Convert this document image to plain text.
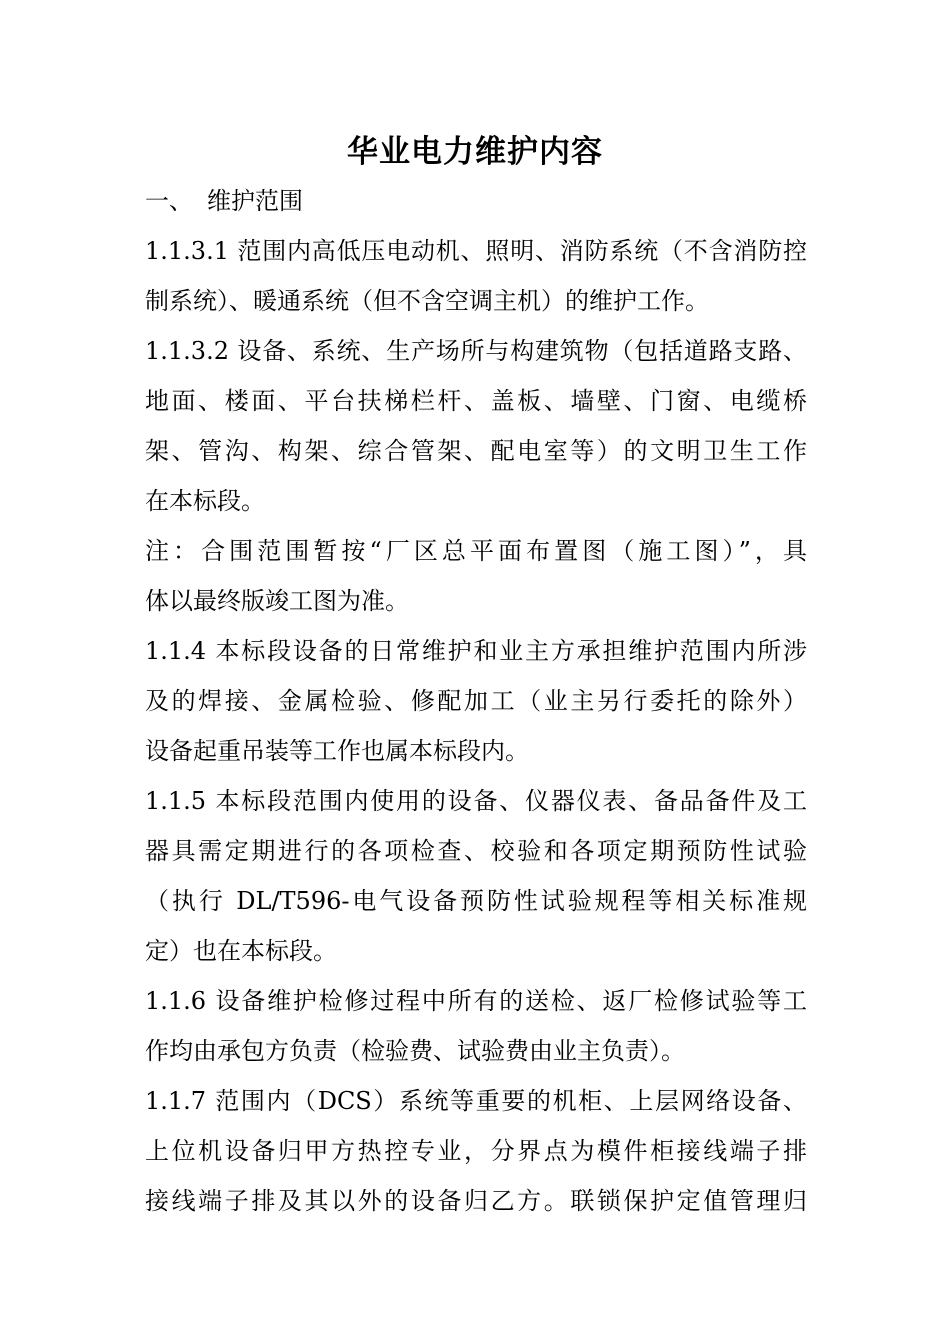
华业电力维护内容
一、 维护范围
1.1.3.1 范围内高低压电动机、照明、消防系统（不含消防控
制系统）、暖通系统（但不含空调主机）的维护工作。
1.1.3.2 设备、系统、生产场所与构建筑物（包括道路支路、
地面、楼面、平台扶梯栏杆、盖板、墙壁、门窗、电缆桥
架、管沟、构架、综合管架、配电室等）的文明卫生工作
在本标段。
注：合围范围暂按“厂区总平面布置图（施工图）”，具
体以最终版竣工图为准。
1.1.4 本标段设备的日常维护和业主方承担维护范围内所涉
及的焊接、金属检验、修配加工（业主另行委托的除外）
设备起重吊装等工作也属本标段内。
1.1.5 本标段范围内使用的设备、仪器仪表、备品备件及工
器具需定期进行的各项检查、校验和各项定期预防性试验
（执行 DL/T596-电气设备预防性试验规程等相关标准规
定）也在本标段。
1.1.6 设备维护检修过程中所有的送检、返厂检修试验等工
作均由承包方负责（检验费、试验费由业主负责）。
1.1.7 范围内（DCS）系统等重要的机柜、上层网络设备、
上位机设备归甲方热控专业，分界点为模件柜接线端子排
接线端子排及其以外的设备归乙方。联锁保护定值管理归
